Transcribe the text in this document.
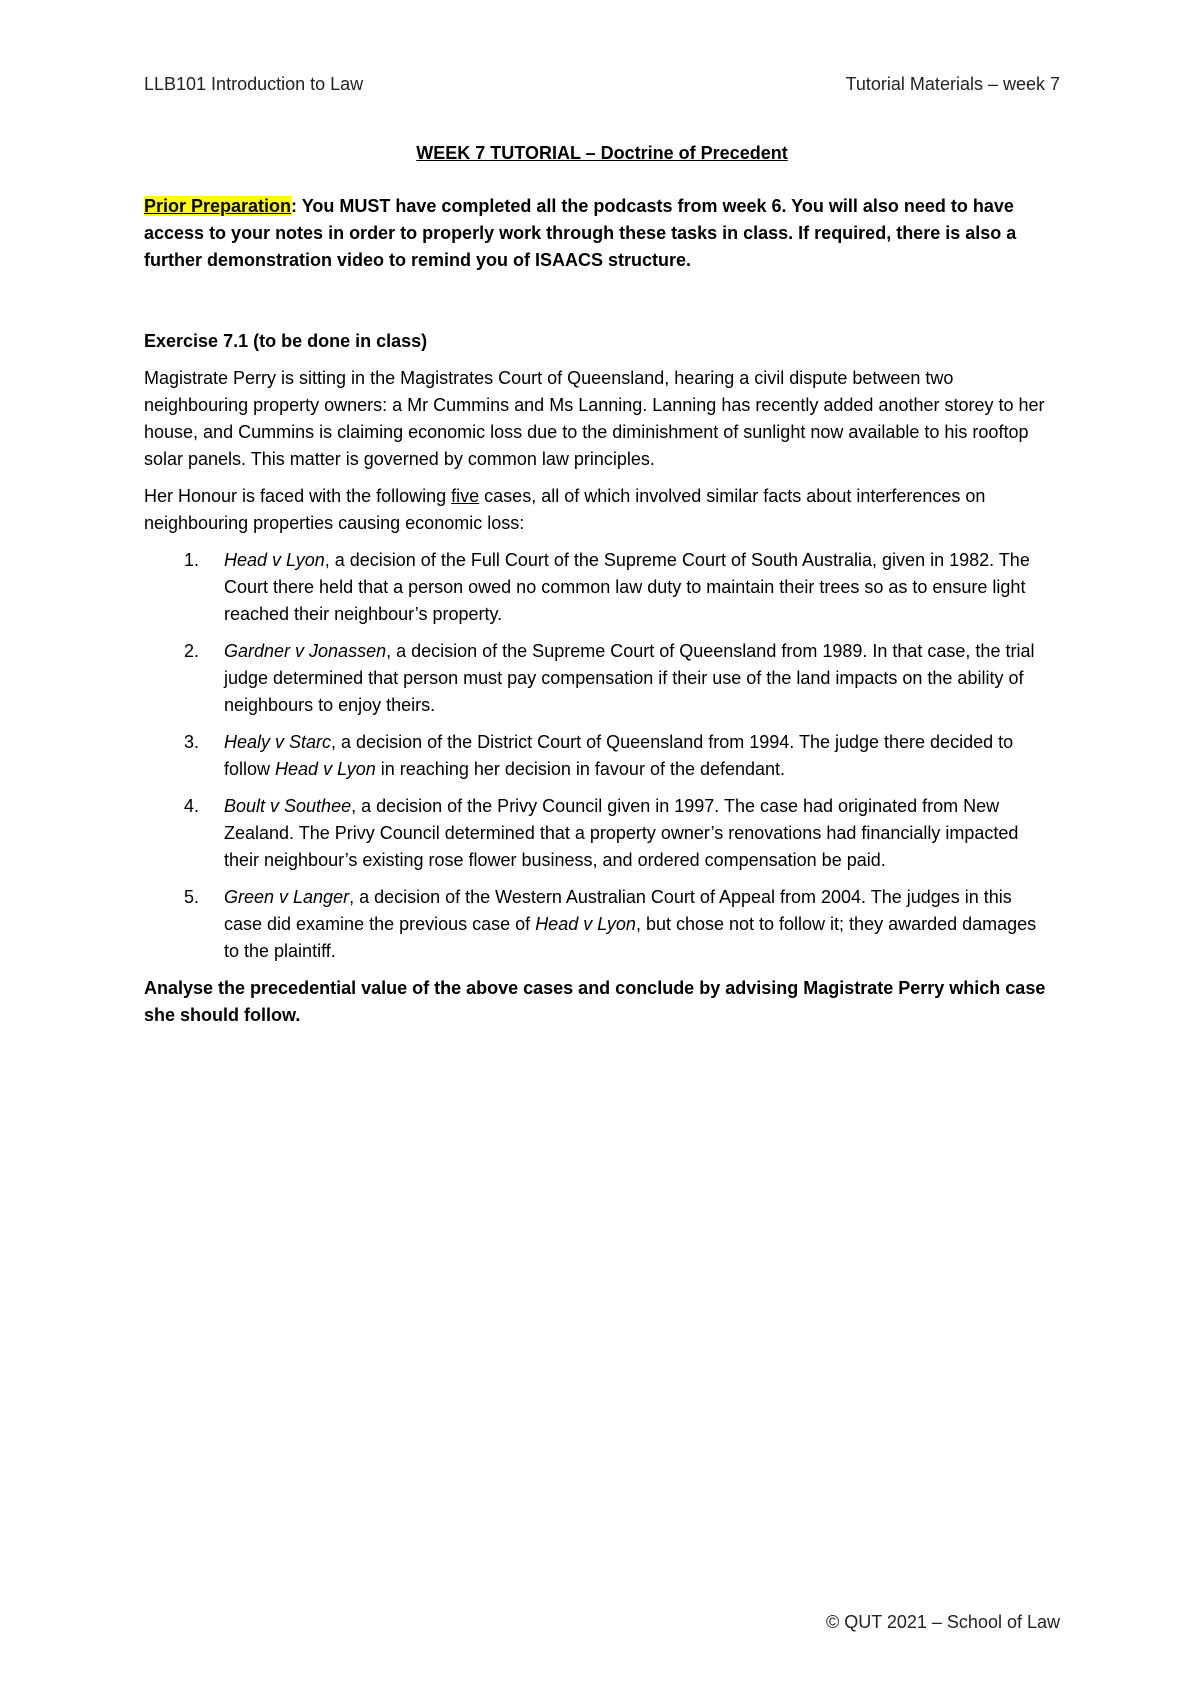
LLB101 Introduction to Law	Tutorial Materials – week 7
WEEK 7 TUTORIAL – Doctrine of Precedent

Prior Preparation: You MUST have completed all the podcasts from week 6. You will also need to have access to your notes in order to properly work through these tasks in class. If required, there is also a further demonstration video to remind you of ISAACS structure.

Exercise 7.1 (to be done in class)

Magistrate Perry is sitting in the Magistrates Court of Queensland, hearing a civil dispute between two neighbouring property owners: a Mr Cummins and Ms Lanning. Lanning has recently added another storey to her house, and Cummins is claiming economic loss due to the diminishment of sunlight now available to his rooftop solar panels. This matter is governed by common law principles.

Her Honour is faced with the following five cases, all of which involved similar facts about interferences on neighbouring properties causing economic loss:

1.	Head v Lyon, a decision of the Full Court of the Supreme Court of South Australia, given in 1982. The Court there held that a person owed no common law duty to maintain their trees so as to ensure light reached their neighbour’s property.
2.	Gardner v Jonassen, a decision of the Supreme Court of Queensland from 1989. In that case, the trial judge determined that person must pay compensation if their use of the land impacts on the ability of neighbours to enjoy theirs.
3.	Healy v Starc, a decision of the District Court of Queensland from 1994. The judge there decided to follow Head v Lyon in reaching her decision in favour of the defendant.
4.	Boult v Southee, a decision of the Privy Council given in 1997. The case had originated from New Zealand. The Privy Council determined that a property owner’s renovations had financially impacted their neighbour’s existing rose flower business, and ordered compensation be paid.
5.	Green v Langer, a decision of the Western Australian Court of Appeal from 2004. The judges in this case did examine the previous case of Head v Lyon, but chose not to follow it; they awarded damages to the plaintiff.

Analyse the precedential value of the above cases and conclude by advising Magistrate Perry which case she should follow.

© QUT 2021 – School of Law
